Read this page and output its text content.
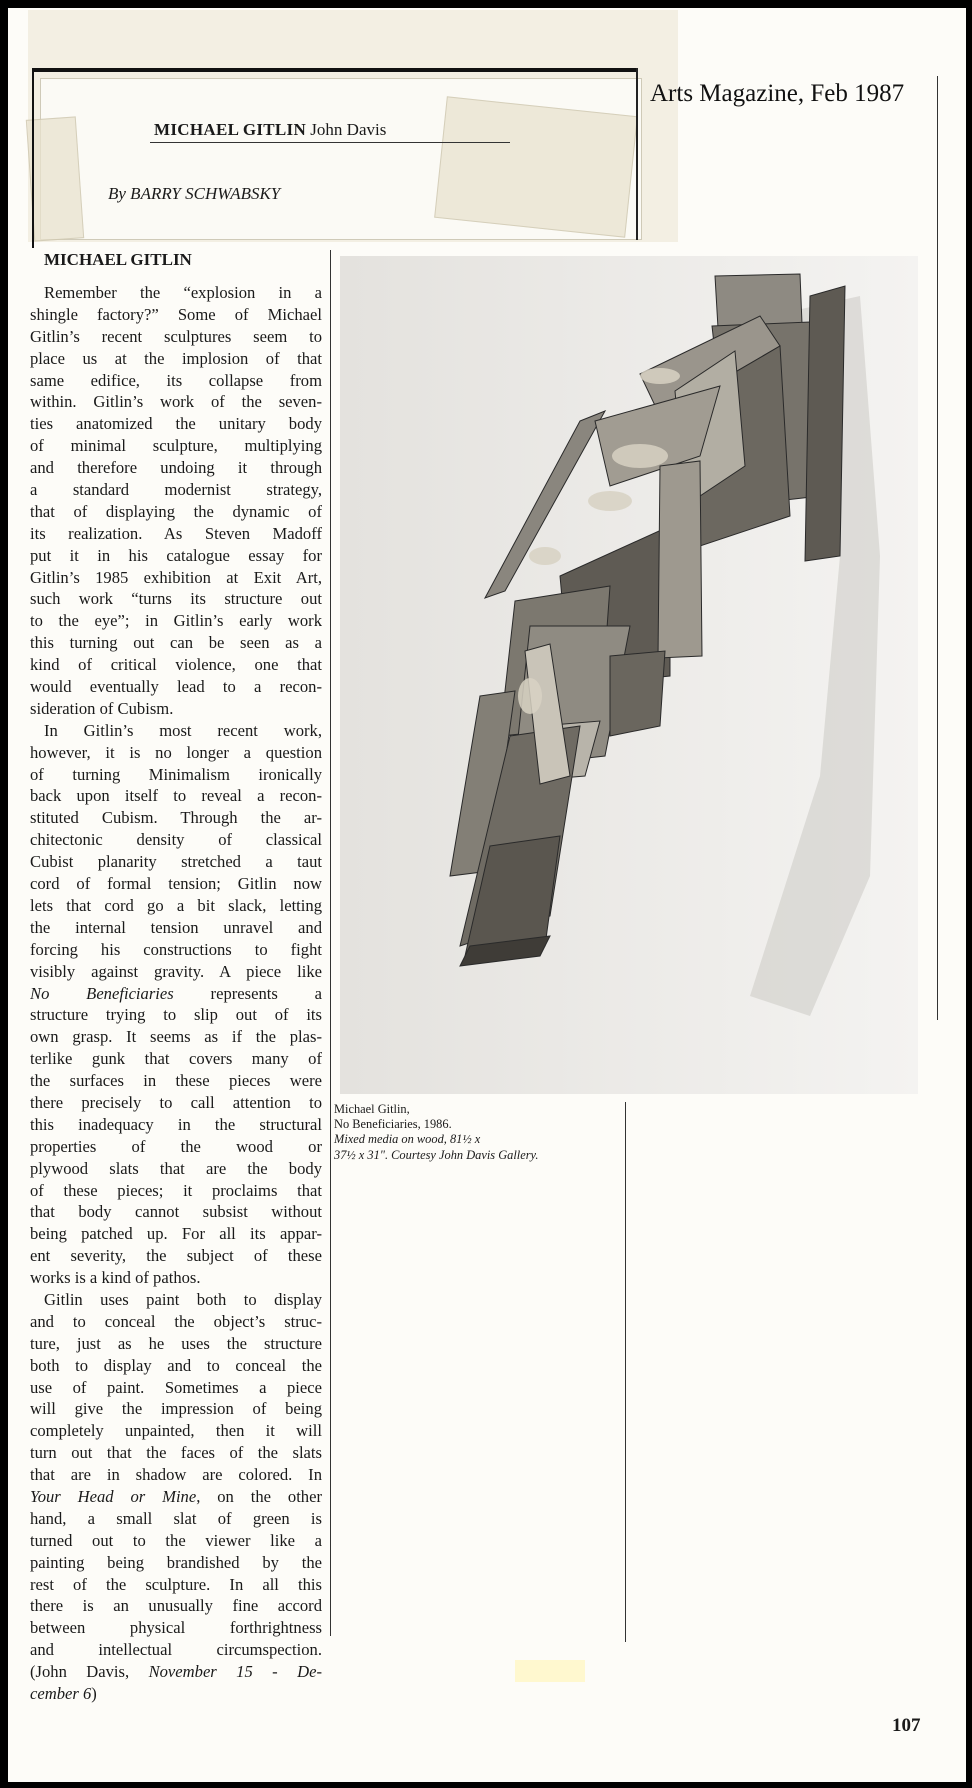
Arts Magazine, Feb 1987
MICHAEL GITLIN John Davis
By BARRY SCHWABSKY
MICHAEL GITLIN
Remember the “explosion in a
shingle factory?” Some of Michael
Gitlin’s recent sculptures seem to
place us at the implosion of that
same edifice, its collapse from
within. Gitlin’s work of the seven-
ties anatomized the unitary body
of minimal sculpture, multiplying
and therefore undoing it through
a standard modernist strategy,
that of displaying the dynamic of
its realization. As Steven Madoff
put it in his catalogue essay for
Gitlin’s 1985 exhibition at Exit Art,
such work “turns its structure out
to the eye”; in Gitlin’s early work
this turning out can be seen as a
kind of critical violence, one that
would eventually lead to a recon-
sideration of Cubism.
In Gitlin’s most recent work,
however, it is no longer a question
of turning Minimalism ironically
back upon itself to reveal a recon-
stituted Cubism. Through the ar-
chitectonic density of classical
Cubist planarity stretched a taut
cord of formal tension; Gitlin now
lets that cord go a bit slack, letting
the internal tension unravel and
forcing his constructions to fight
visibly against gravity. A piece like
No Beneficiaries represents a
structure trying to slip out of its
own grasp. It seems as if the plas-
terlike gunk that covers many of
the surfaces in these pieces were
there precisely to call attention to
this inadequacy in the structural
properties of the wood or
plywood slats that are the body
of these pieces; it proclaims that
that body cannot subsist without
being patched up. For all its appar-
ent severity, the subject of these
works is a kind of pathos.
Gitlin uses paint both to display
and to conceal the object’s struc-
ture, just as he uses the structure
both to display and to conceal the
use of paint. Sometimes a piece
will give the impression of being
completely unpainted, then it will
turn out that the faces of the slats
that are in shadow are colored. In
Your Head or Mine, on the other
hand, a small slat of green is
turned out to the viewer like a
painting being brandished by the
rest of the sculpture. In all this
there is an unusually fine accord
between physical forthrightness
and intellectual circumspection.
(John Davis, November 15 - De-
cember 6)
Michael Gitlin,
No Beneficiaries, 1986.
Mixed media on wood, 81½ x
37½ x 31". Courtesy John Davis Gallery.
107
